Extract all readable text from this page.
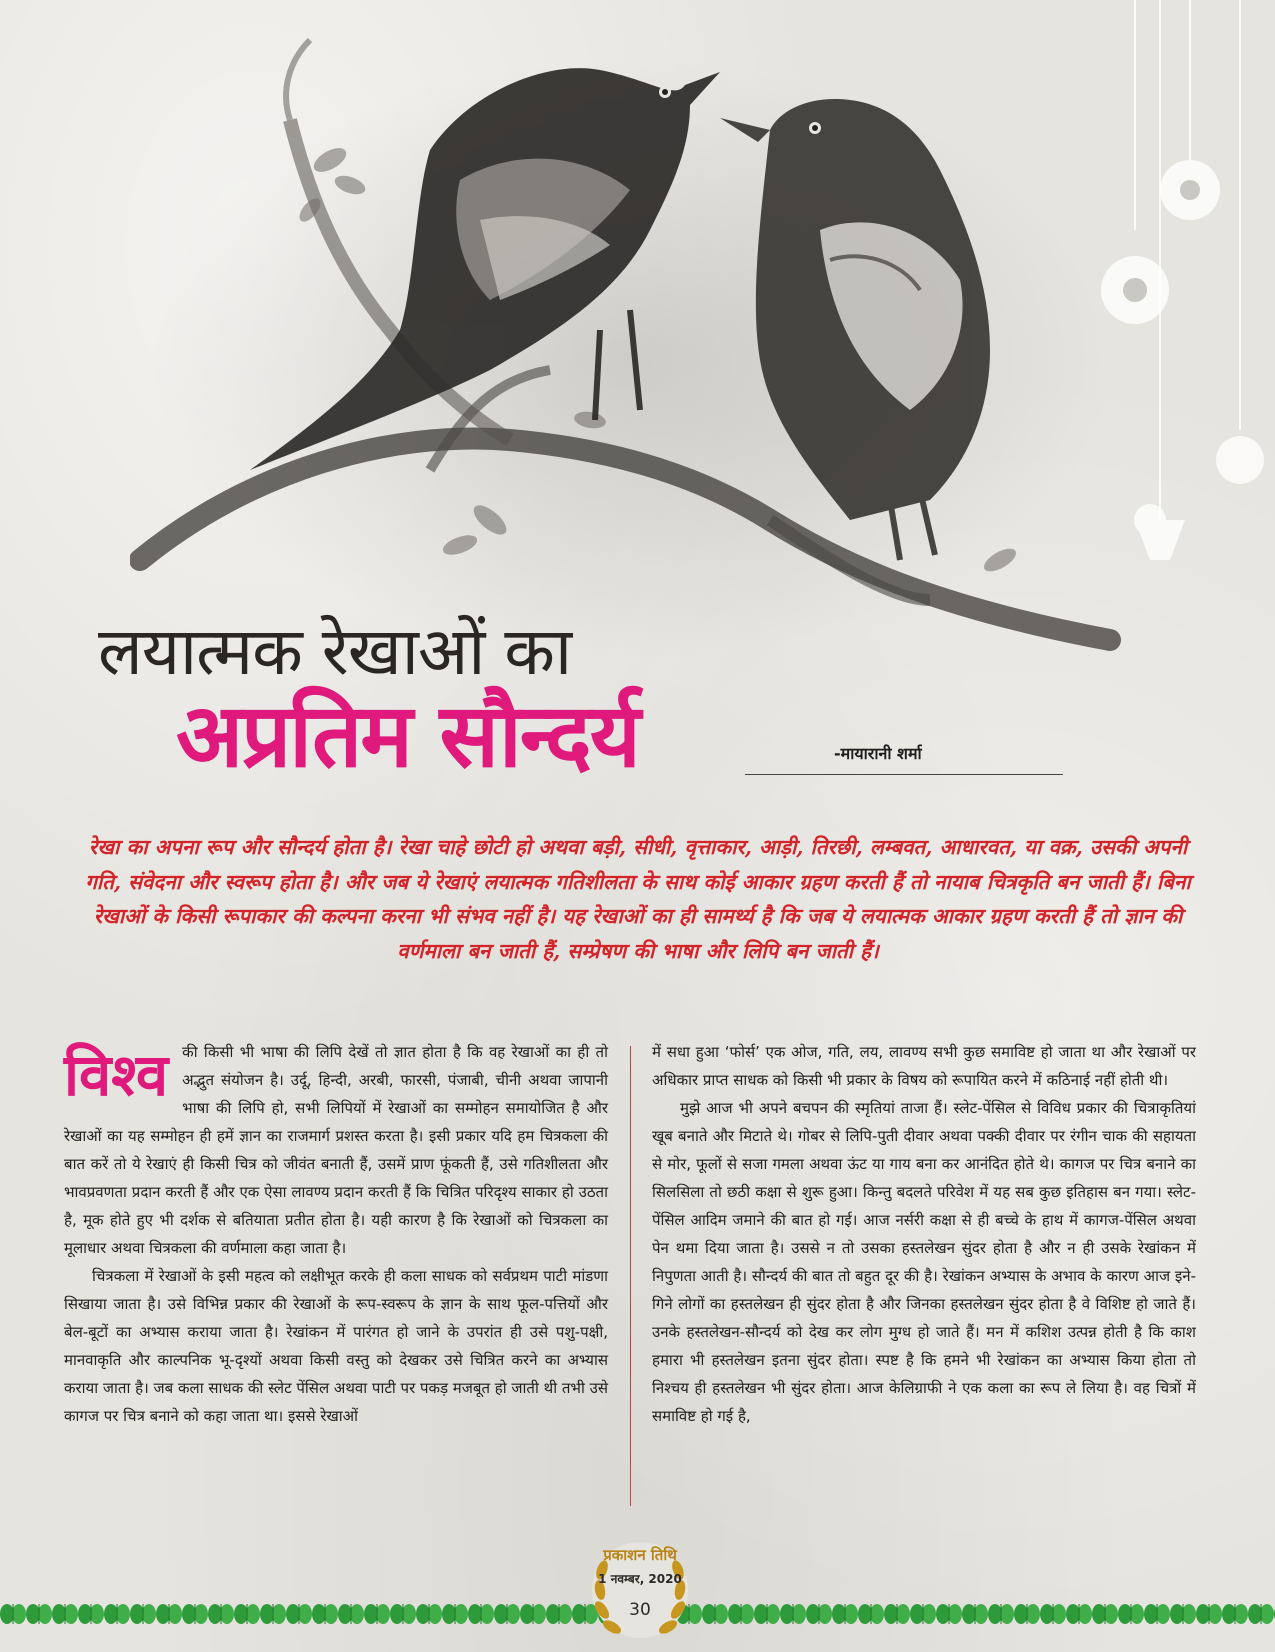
लयात्मक रेखाओं का
अप्रतिम सौन्दर्य	-मायारानी शर्मा
रेखा का अपना रूप और सौन्दर्य होता है। रेखा चाहे छोटी हो अथवा बड़ी, सीधी, वृत्ताकार, आड़ी, तिरछी, लम्बवत, आधारवत, या वक्र, उसकी अपनी गति, संवेदना और स्वरूप होता है। और जब ये रेखाएं लयात्मक गतिशीलता के साथ कोई आकार ग्रहण करती हैं तो नायाब चित्रकृति बन जाती हैं। बिना रेखाओं के किसी रूपाकार की कल्पना करना भी संभव नहीं है। यह रेखाओं का ही सामर्थ्य है कि जब ये लयात्मक आकार ग्रहण करती हैं तो ज्ञान की वर्णमाला बन जाती हैं, सम्प्रेषण की भाषा और लिपि बन जाती हैं।
विश्व की किसी भी भाषा की लिपि देखें तो ज्ञात होता है कि वह रेखाओं का ही तो अद्भुत संयोजन है। उर्दू, हिन्दी, अरबी, फारसी, पंजाबी, चीनी अथवा जापानी भाषा की लिपि हो, सभी लिपियों में रेखाओं का सम्मोहन समायोजित है और रेखाओं का यह सम्मोहन ही हमें ज्ञान का राजमार्ग प्रशस्त करता है। इसी प्रकार यदि हम चित्रकला की बात करें तो ये रेखाएं ही किसी चित्र को जीवंत बनाती हैं, उसमें प्राण फूंकती हैं, उसे गतिशीलता और भावप्रवणता प्रदान करती हैं और एक ऐसा लावण्य प्रदान करती हैं कि चित्रित परिदृश्य साकार हो उठता है, मूक होते हुए भी दर्शक से बतियाता प्रतीत होता है। यही कारण है कि रेखाओं को चित्रकला का मूलाधार अथवा चित्रकला की वर्णमाला कहा जाता है।

चित्रकला में रेखाओं के इसी महत्व को लक्षीभूत करके ही कला साधक को सर्वप्रथम पाटी मांडणा सिखाया जाता है। उसे विभिन्न प्रकार की रेखाओं के रूप-स्वरूप के ज्ञान के साथ फूल-पत्तियों और बेल-बूटों का अभ्यास कराया जाता है। रेखांकन में पारंगत हो जाने के उपरांत ही उसे पशु-पक्षी, मानवाकृति और काल्पनिक भू-दृश्यों अथवा किसी वस्तु को देखकर उसे चित्रित करने का अभ्यास कराया जाता है। जब कला साधक की स्लेट पेंसिल अथवा पाटी पर पकड़ मजबूत हो जाती थी तभी उसे कागज पर चित्र बनाने को कहा जाता था। इससे रेखाओं

में सधा हुआ ‘फोर्स’ एक ओज, गति, लय, लावण्य सभी कुछ समाविष्ट हो जाता था और रेखाओं पर अधिकार प्राप्त साधक को किसी भी प्रकार के विषय को रूपायित करने में कठिनाई नहीं होती थी।

मुझे आज भी अपने बचपन की स्मृतियां ताजा हैं। स्लेट-पेंसिल से विविध प्रकार की चित्राकृतियां खूब बनाते और मिटाते थे। गोबर से लिपि-पुती दीवार अथवा पक्की दीवार पर रंगीन चाक की सहायता से मोर, फूलों से सजा गमला अथवा ऊंट या गाय बना कर आनंदित होते थे। कागज पर चित्र बनाने का सिलसिला तो छठी कक्षा से शुरू हुआ। किन्तु बदलते परिवेश में यह सब कुछ इतिहास बन गया। स्लेट-पेंसिल आदिम जमाने की बात हो गई। आज नर्सरी कक्षा से ही बच्चे के हाथ में कागज-पेंसिल अथवा पेन थमा दिया जाता है। उससे न तो उसका हस्तलेखन सुंदर होता है और न ही उसके रेखांकन में निपुणता आती है। सौन्दर्य की बात तो बहुत दूर की है। रेखांकन अभ्यास के अभाव के कारण आज इने-गिने लोगों का हस्तलेखन ही सुंदर होता है और जिनका हस्तलेखन सुंदर होता है वे विशिष्ट हो जाते हैं। उनके हस्तलेखन-सौन्दर्य को देख कर लोग मुग्ध हो जाते हैं। मन में कशिश उत्पन्न होती है कि काश हमारा भी हस्तलेखन इतना सुंदर होता। स्पष्ट है कि हमने भी रेखांकन का अभ्यास किया होता तो निश्चय ही हस्तलेखन भी सुंदर होता। आज केलिग्राफी ने एक कला का रूप ले लिया है। वह चित्रों में समाविष्ट हो गई है,

प्रकाशन तिथि
1 नवम्बर, 2020
30
